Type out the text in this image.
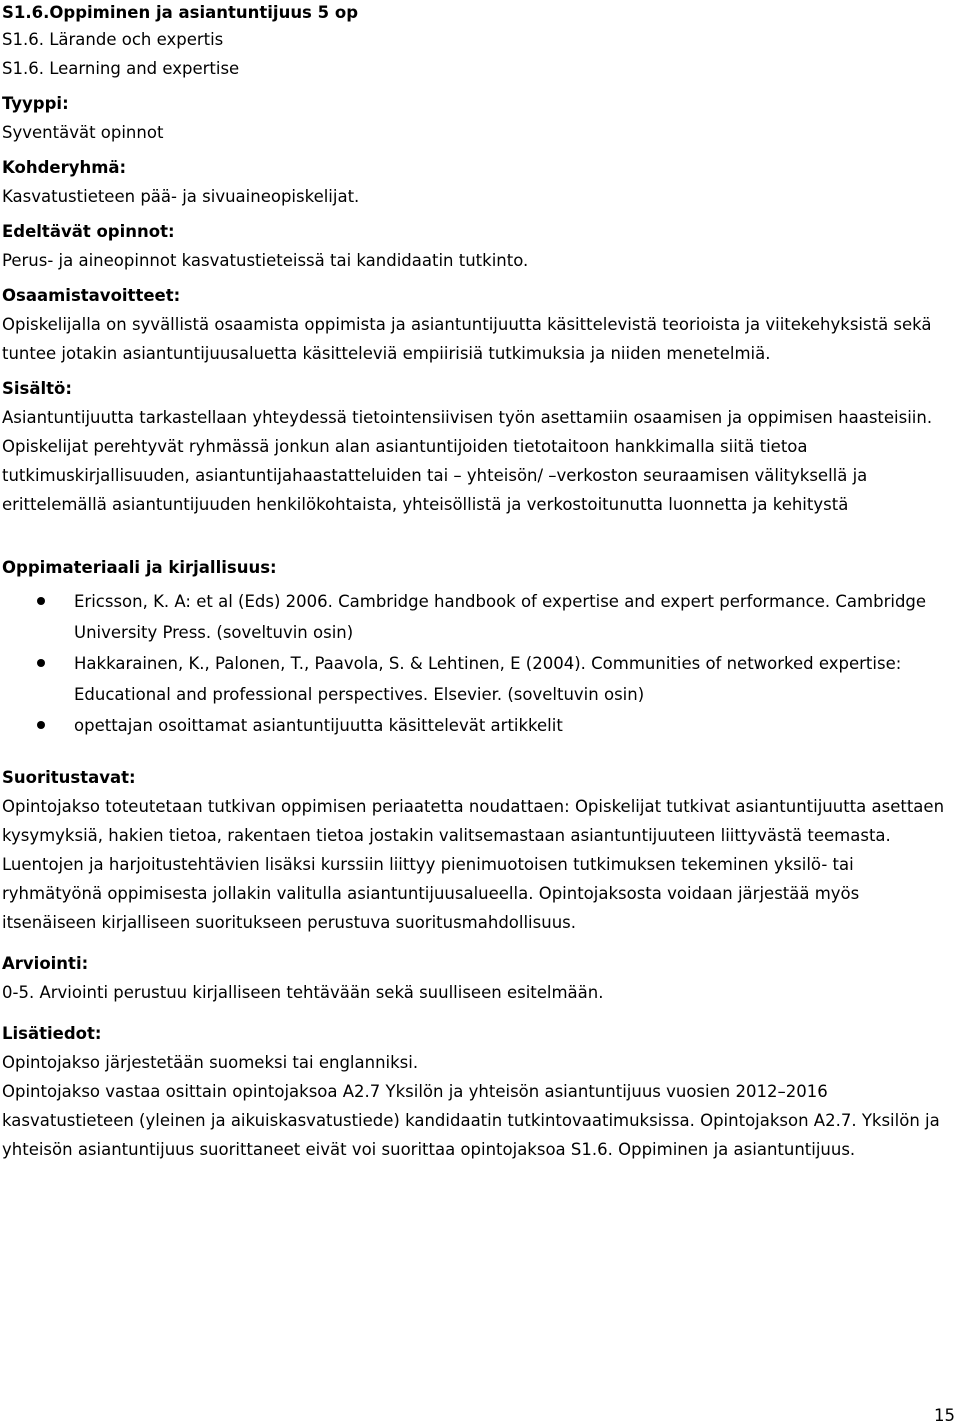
S1.6.Oppiminen ja asiantuntijuus 5 op

S1.6. Lärande och expertis

S1.6. Learning and expertise

Tyyppi:

Syventävät opinnot

Kohderyhmä:

Kasvatustieteen pää- ja sivuaineopiskelijat.

Edeltävät opinnot:

Perus- ja aineopinnot kasvatustieteissä tai kandidaatin tutkinto.

Osaamistavoitteet:

Opiskelijalla on syvällistä osaamista oppimista ja asiantuntijuutta käsittelevistä teorioista ja viitekehyksistä sekä tuntee jotakin asiantuntijuusaluetta käsitteleviä empiirisiä tutkimuksia ja niiden menetelmiä.

Sisältö:

Asiantuntijuutta tarkastellaan yhteydessä tietointensiivisen työn asettamiin osaamisen ja oppimisen haasteisiin. Opiskelijat perehtyvät ryhmässä jonkun alan asiantuntijoiden tietotaitoon hankkimalla siitä tietoa tutkimuskirjallisuuden, asiantuntijahaastatteluiden tai – yhteisön/ –verkoston seuraamisen välityksellä ja erittelemällä asiantuntijuuden henkilökohtaista, yhteisöllistä ja verkostoitunutta luonnetta ja kehitystä

Oppimateriaali ja kirjallisuus:

Ericsson, K. A: et al (Eds) 2006. Cambridge handbook of expertise and expert performance. Cambridge University Press. (soveltuvin osin)
Hakkarainen, K., Palonen, T., Paavola, S. & Lehtinen, E (2004). Communities of networked expertise: Educational and professional perspectives. Elsevier. (soveltuvin osin)
opettajan osoittamat asiantuntijuutta käsittelevät artikkelit

Suoritustavat:

Opintojakso toteutetaan tutkivan oppimisen periaatetta noudattaen: Opiskelijat tutkivat asiantuntijuutta asettaen kysymyksiä, hakien tietoa, rakentaen tietoa jostakin valitsemastaan asiantuntijuuteen liittyvästä teemasta. Luentojen ja harjoitustehtävien lisäksi kurssiin liittyy pienimuotoisen tutkimuksen tekeminen yksilö- tai ryhmätyönä oppimisesta jollakin valitulla asiantuntijuusalueella. Opintojaksosta voidaan järjestää myös itsenäiseen kirjalliseen suoritukseen perustuva suoritusmahdollisuus.

Arviointi:

0-5. Arviointi perustuu kirjalliseen tehtävään sekä suulliseen esitelmään.

Lisätiedot:

Opintojakso järjestetään suomeksi tai englanniksi.

Opintojakso vastaa osittain opintojaksoa A2.7 Yksilön ja yhteisön asiantuntijuus vuosien 2012–2016 kasvatustieteen (yleinen ja aikuiskasvatustiede) kandidaatin tutkintovaatimuksissa. Opintojakson A2.7. Yksilön ja yhteisön asiantuntijuus suorittaneet eivät voi suorittaa opintojaksoa S1.6. Oppiminen ja asiantuntijuus.

15
